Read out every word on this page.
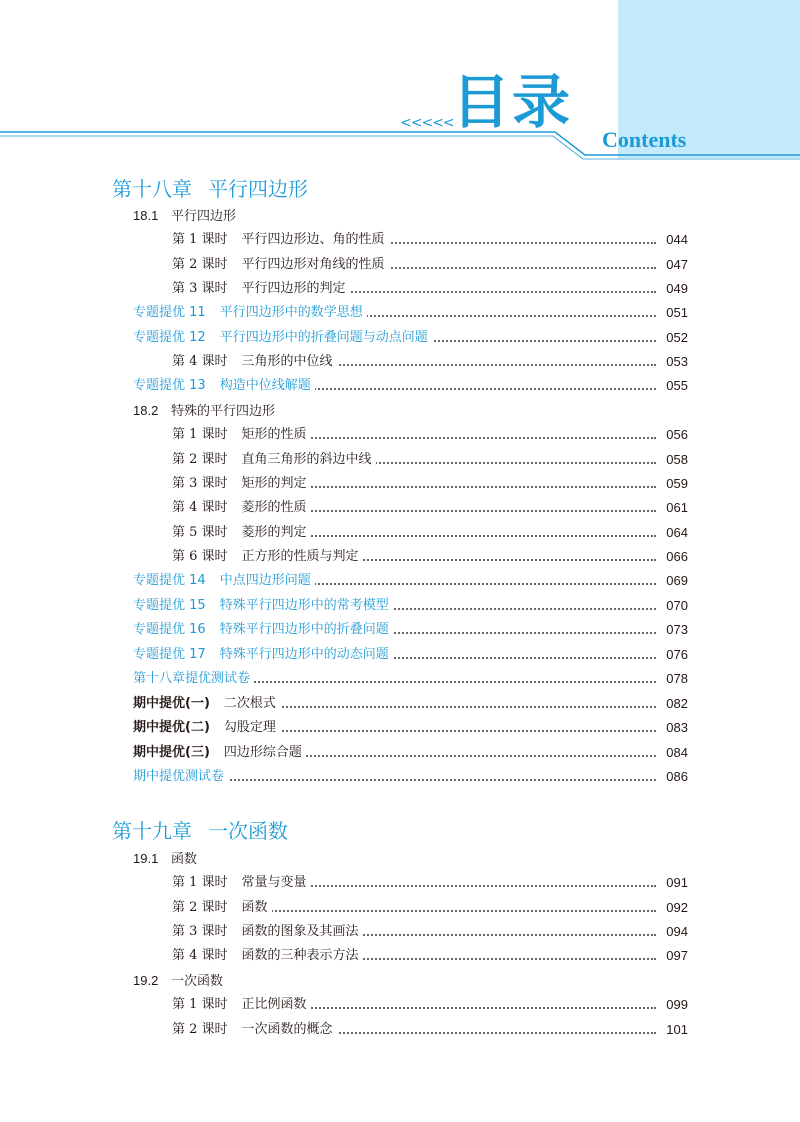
<<<<<
目录
Contents
第十八章 平行四边形
18.1 平行四边形
第 1 课时 平行四边形边、角的性质	044
第 2 课时 平行四边形对角线的性质	047
第 3 课时 平行四边形的判定	049
专题提优 11 平行四边形中的数学思想	051
专题提优 12 平行四边形中的折叠问题与动点问题	052
第 4 课时 三角形的中位线	053
专题提优 13 构造中位线解题	055
18.2 特殊的平行四边形
第 1 课时 矩形的性质	056
第 2 课时 直角三角形的斜边中线	058
第 3 课时 矩形的判定	059
第 4 课时 菱形的性质	061
第 5 课时 菱形的判定	064
第 6 课时 正方形的性质与判定	066
专题提优 14 中点四边形问题	069
专题提优 15 特殊平行四边形中的常考模型	070
专题提优 16 特殊平行四边形中的折叠问题	073
专题提优 17 特殊平行四边形中的动态问题	076
第十八章提优测试卷	078
期中提优(一) 二次根式	082
期中提优(二) 勾股定理	083
期中提优(三) 四边形综合题	084
期中提优测试卷	086
第十九章 一次函数
19.1 函数
第 1 课时 常量与变量	091
第 2 课时 函数	092
第 3 课时 函数的图象及其画法	094
第 4 课时 函数的三种表示方法	097
19.2 一次函数
第 1 课时 正比例函数	099
第 2 课时 一次函数的概念	101
